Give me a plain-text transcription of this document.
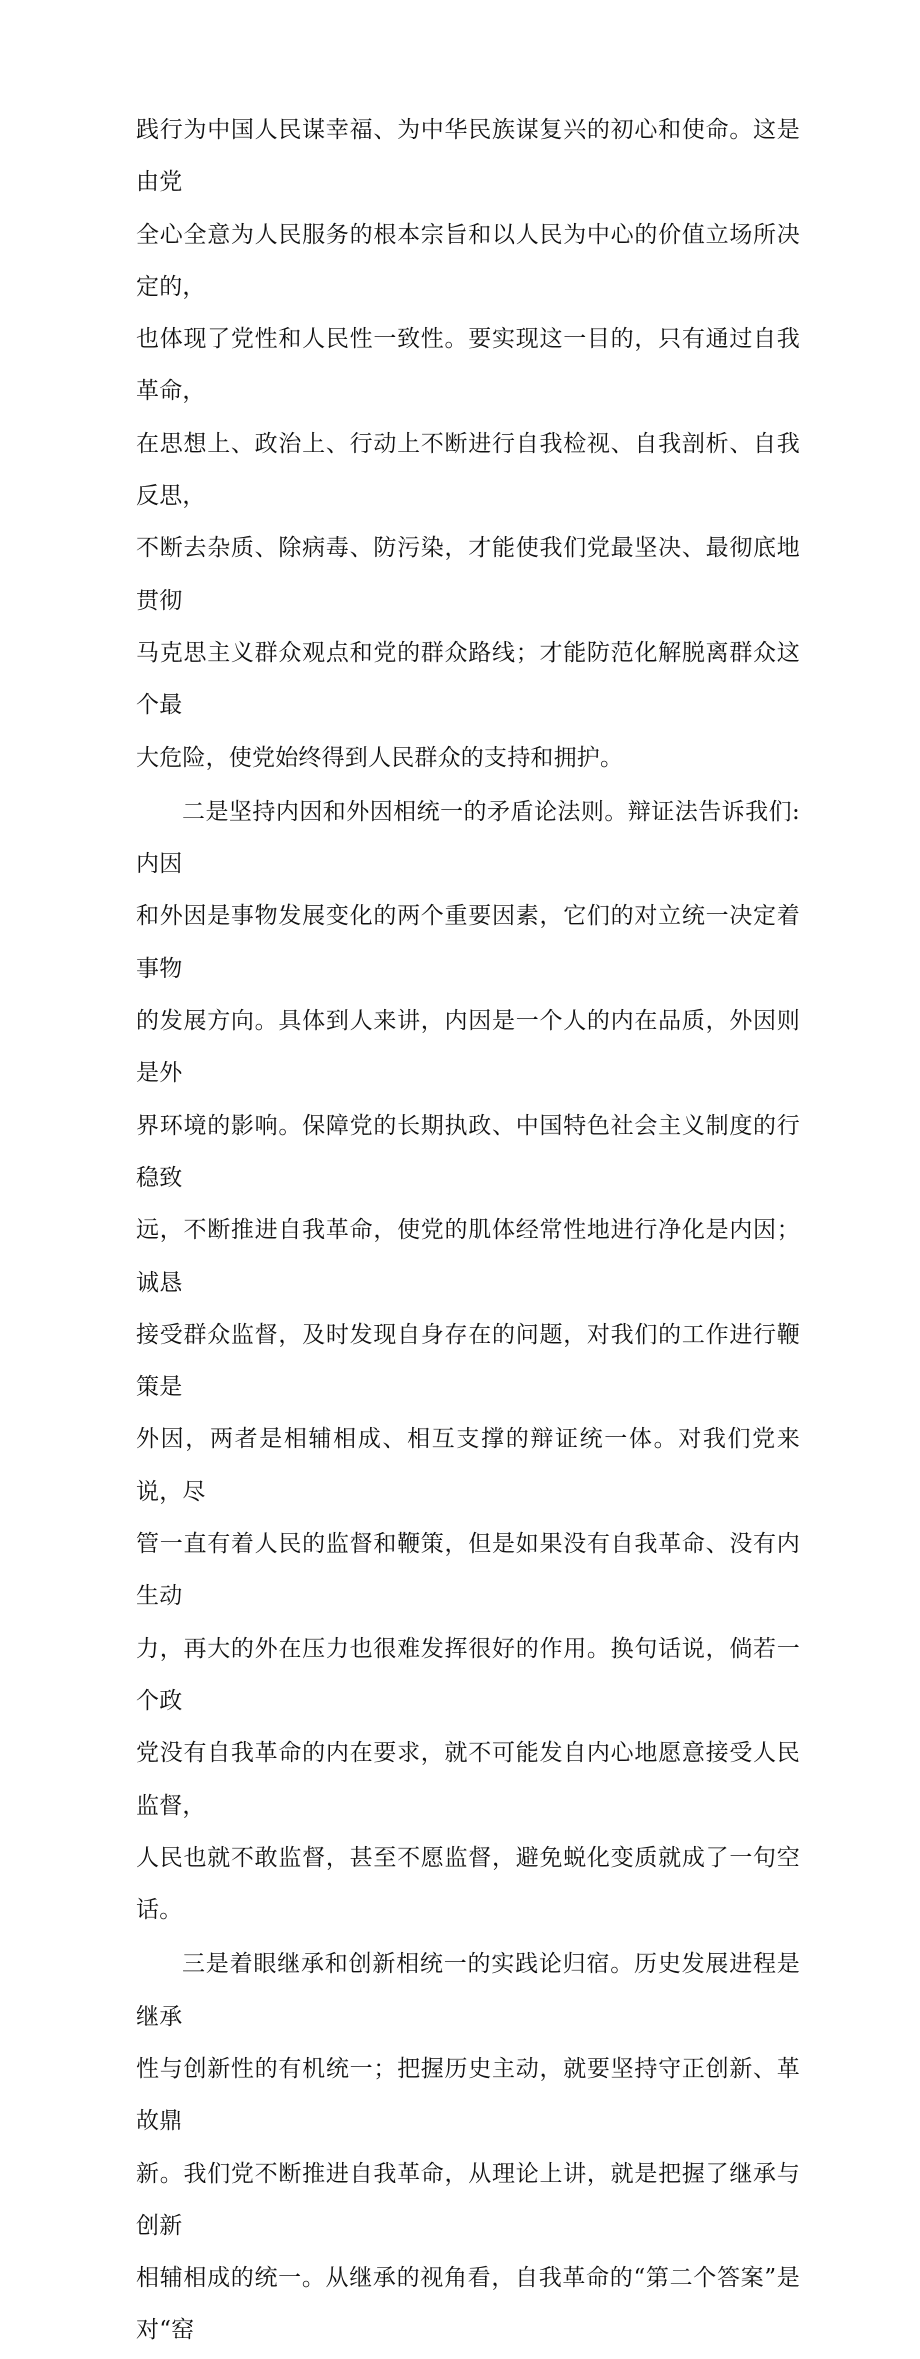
践行为中国人民谋幸福、为中华民族谋复兴的初心和使命。这是由党
全心全意为人民服务的根本宗旨和以人民为中心的价值立场所决定的，
也体现了党性和人民性一致性。要实现这一目的，只有通过自我革命，
在思想上、政治上、行动上不断进行自我检视、自我剖析、自我反思，
不断去杂质、除病毒、防污染，才能使我们党最坚决、最彻底地贯彻
马克思主义群众观点和党的群众路线；才能防范化解脱离群众这个最
大危险，使党始终得到人民群众的支持和拥护。
二是坚持内因和外因相统一的矛盾论法则。辩证法告诉我们:内因
和外因是事物发展变化的两个重要因素，它们的对立统一决定着事物
的发展方向。具体到人来讲，内因是一个人的内在品质，外因则是外
界环境的影响。保障党的长期执政、中国特色社会主义制度的行稳致
远，不断推进自我革命，使党的肌体经常性地进行净化是内因；诚恳
接受群众监督，及时发现自身存在的问题，对我们的工作进行鞭策是
外因，两者是相辅相成、相互支撑的辩证统一体。对我们党来说，尽
管一直有着人民的监督和鞭策，但是如果没有自我革命、没有内生动
力，再大的外在压力也很难发挥很好的作用。换句话说，倘若一个政
党没有自我革命的内在要求，就不可能发自内心地愿意接受人民监督，
人民也就不敢监督，甚至不愿监督，避免蜕化变质就成了一句空话。
三是着眼继承和创新相统一的实践论归宿。历史发展进程是继承
性与创新性的有机统一；把握历史主动，就要坚持守正创新、革故鼎
新。我们党不断推进自我革命，从理论上讲，就是把握了继承与创新
相辅相成的统一。从继承的视角看，自我革命的“第二个答案”是对“窑
